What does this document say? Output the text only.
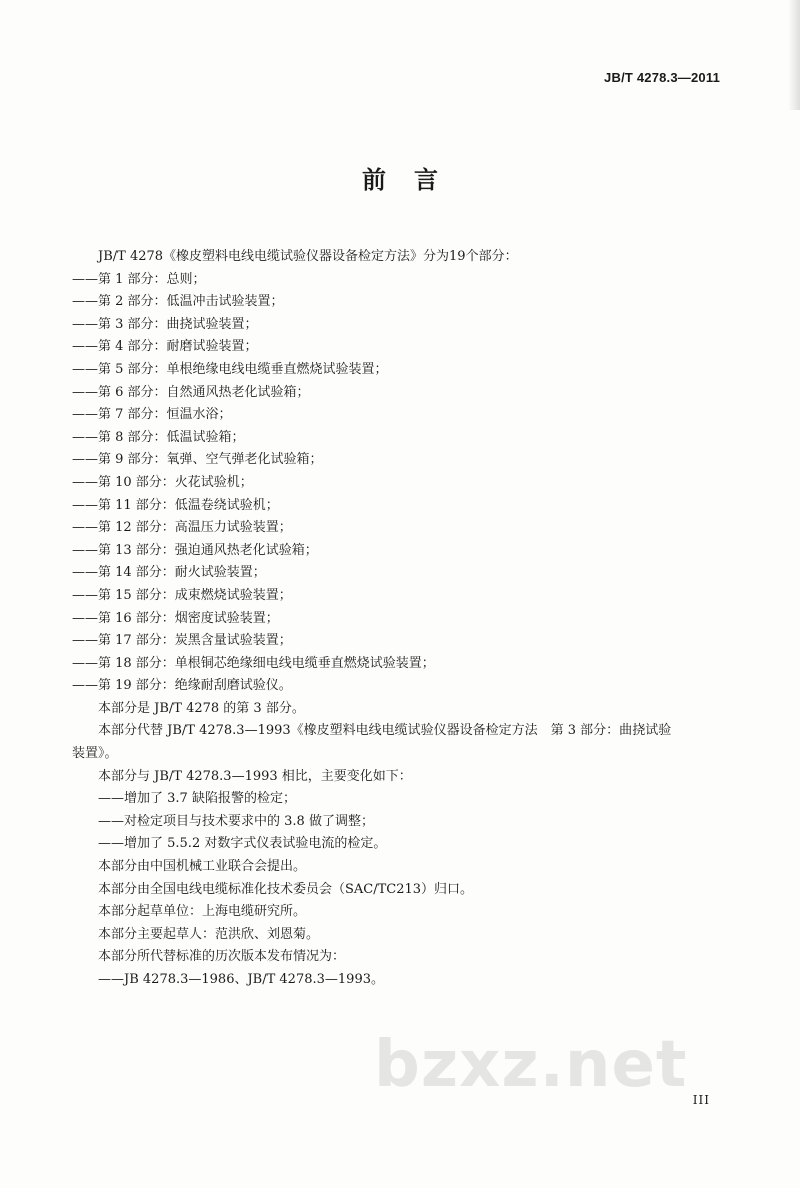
JB/T 4278.3—2011
前言
JB/T 4278《橡皮塑料电线电缆试验仪器设备检定方法》分为19个部分：
——第 1 部分：总则；
——第 2 部分：低温冲击试验装置；
——第 3 部分：曲挠试验装置；
——第 4 部分：耐磨试验装置；
——第 5 部分：单根绝缘电线电缆垂直燃烧试验装置；
——第 6 部分：自然通风热老化试验箱；
——第 7 部分：恒温水浴；
——第 8 部分：低温试验箱；
——第 9 部分：氧弹、空气弹老化试验箱；
——第 10 部分：火花试验机；
——第 11 部分：低温卷绕试验机；
——第 12 部分：高温压力试验装置；
——第 13 部分：强迫通风热老化试验箱；
——第 14 部分：耐火试验装置；
——第 15 部分：成束燃烧试验装置；
——第 16 部分：烟密度试验装置；
——第 17 部分：炭黑含量试验装置；
——第 18 部分：单根铜芯绝缘细电线电缆垂直燃烧试验装置；
——第 19 部分：绝缘耐刮磨试验仪。
本部分是 JB/T 4278 的第 3 部分。
本部分代替 JB/T 4278.3—1993《橡皮塑料电线电缆试验仪器设备检定方法　第 3 部分：曲挠试验
装置》。
本部分与 JB/T 4278.3—1993 相比，主要变化如下：
——增加了 3.7 缺陷报警的检定；
——对检定项目与技术要求中的 3.8 做了调整；
——增加了 5.5.2 对数字式仪表试验电流的检定。
本部分由中国机械工业联合会提出。
本部分由全国电线电缆标准化技术委员会（SAC/TC213）归口。
本部分起草单位：上海电缆研究所。
本部分主要起草人：范洪欣、刘恩菊。
本部分所代替标准的历次版本发布情况为：
——JB 4278.3—1986、JB/T 4278.3—1993。
bzxz.net III
